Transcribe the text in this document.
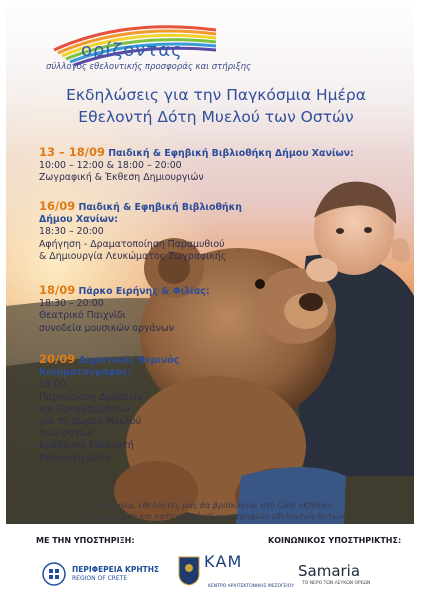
ορίζοντας
σύλλογος εθελοντικής προσφοράς και στήριξης
Εκδηλώσεις για την Παγκόσμια Ημέρα
Εθελοντή Δότη Μυελού των Οστών
13 – 18/09 Παιδική & Εφηβική Βιβλιοθήκη Δήμου Χανίων:
10:00 – 12:00 & 18:00 – 20:00
Ζωγραφική & Έκθεση Δημιουργιών
16/09 Παιδική & Εφηβική Βιβλιοθήκη
Δήμου Χανίων:
18:30 – 20:00
Αφήγηση - Δραματοποίηση Παραμυθιού
& Δημιουργία Λευκώματος Ζωγραφικής
18/09 Πάρκο Ειρήνης & Φιλίας:
18:30 – 20:00
Θεατρικό Παιχνίδι
συνοδεία μουσικών οργάνων
20/09 Δημοτικός Θερινός
Κινηματογράφος:
19:00
Παρουσίαση Δράσεων
και Προγραμμάτων
για τη Δωρεά Μυελού
των Οστών
Βράβευση Εθελοντή
Εθελοντή Δότη
Παράλληλα, εθελοντές μας θα βρίσκονται στο Café «Κήπος»
για ενημέρωση και καταγραφή νέων υποψηφίων εθελοντών δοτών
ΜΕ ΤΗΝ ΥΠΟΣΤΗΡΙΞΗ:	ΚΟΙΝΩΝΙΚΟΣ ΥΠΟΣΤΗΡΙΚΤΗΣ:
ΠΕΡΙΦΕΡΕΙΑ ΚΡΗΤΗΣ
REGION OF CRETE
ΚΑΜ
ΚΕΝΤΡΟ ΑΡΧΙΤΕΚΤΟΝΙΚΗΣ ΜΕΣΟΓΕΙΟΥ
Samaria
ΤΟ ΝΕΡΟ ΤΩΝ ΛΕΥΚΩΝ ΟΡΕΩΝ
